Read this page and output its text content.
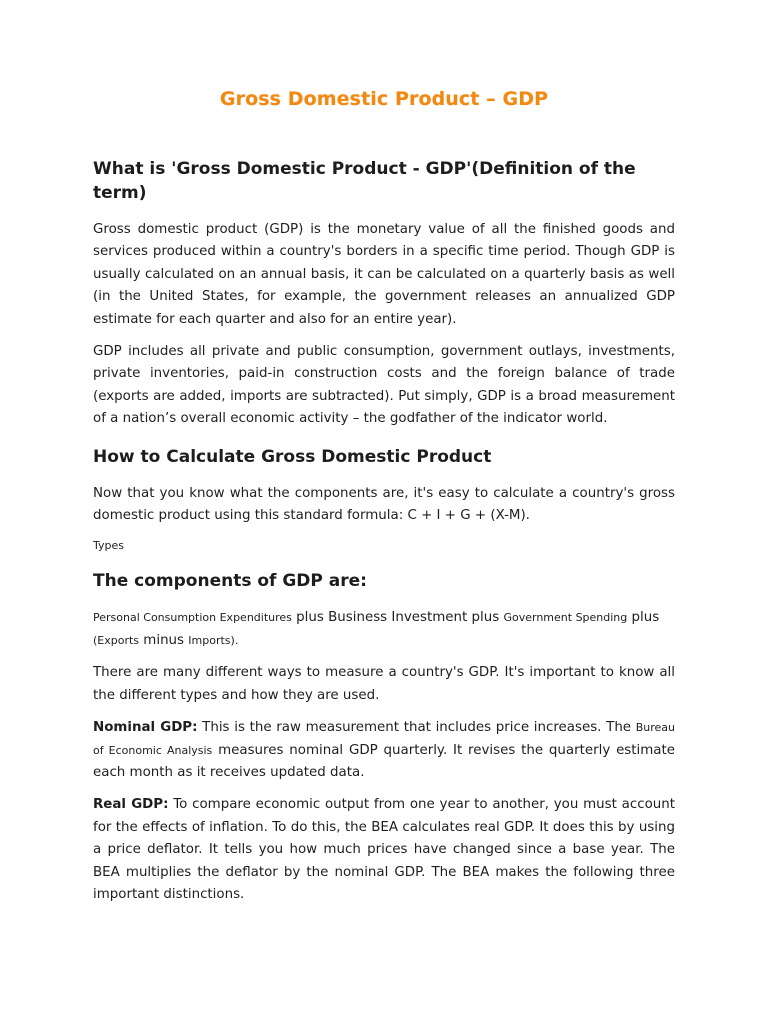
Gross Domestic Product – GDP
What is 'Gross Domestic Product - GDP'(Definition of the term)

Gross domestic product (GDP) is the monetary value of all the finished goods and services produced within a country's borders in a specific time period. Though GDP is usually calculated on an annual basis, it can be calculated on a quarterly basis as well (in the United States, for example, the government releases an annualized GDP estimate for each quarter and also for an entire year).

GDP includes all private and public consumption, government outlays, investments, private inventories, paid-in construction costs and the foreign balance of trade (exports are added, imports are subtracted). Put simply, GDP is a broad measurement of a nation’s overall economic activity – the godfather of the indicator world.

How to Calculate Gross Domestic Product

Now that you know what the components are, it's easy to calculate a country's gross domestic product using this standard formula: C + I + G + (X-M).

Types

The components of GDP are:

Personal Consumption Expenditures plus Business Investment plus Government Spending plus
(Exports minus Imports).

There are many different ways to measure a country's GDP. It's important to know all the different types and how they are used.

Nominal GDP: This is the raw measurement that includes price increases. The Bureau of Economic Analysis measures nominal GDP quarterly. It revises the quarterly estimate each month as it receives updated data.

Real GDP: To compare economic output from one year to another, you must account for the effects of inflation. To do this, the BEA calculates real GDP. It does this by using a price deflator. It tells you how much prices have changed since a base year. The BEA multiplies the deflator by the nominal GDP. The BEA makes the following three important distinctions.
